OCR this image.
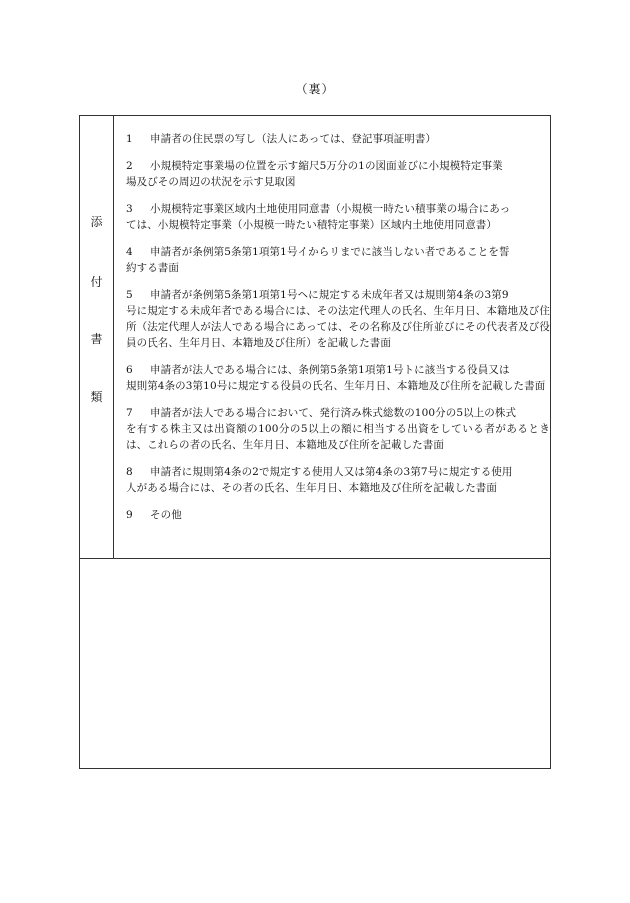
（裏）
添
付
書
類
1 申請者の住民票の写し（法人にあっては、登記事項証明書）
2 小規模特定事業場の位置を示す縮尺5万分の1の図面並びに小規模特定事業
場及びその周辺の状況を示す見取図
3 小規模特定事業区域内土地使用同意書（小規模一時たい積事業の場合にあっ
ては、小規模特定事業（小規模一時たい積特定事業）区域内土地使用同意書）
4 申請者が条例第5条第1項第1号イからリまでに該当しない者であることを誓
約する書面
5 申請者が条例第5条第1項第1号ヘに規定する未成年者又は規則第4条の3第9
号に規定する未成年者である場合には、その法定代理人の氏名、生年月日、本籍地及び住所（法定代理人が法人である場合にあっては、その名称及び住所並びにその代表者及び役員の氏名、生年月日、本籍地及び住所）を記載した書面
6 申請者が法人である場合には、条例第5条第1項第1号トに該当する役員又は
規則第4条の3第10号に規定する役員の氏名、生年月日、本籍地及び住所を記載した書面
7 申請者が法人である場合において、発行済み株式総数の100分の5以上の株式
を有する株主又は出資額の100分の5以上の額に相当する出資をしている者があるときは、これらの者の氏名、生年月日、本籍地及び住所を記載した書面
8 申請者に規則第4条の2で規定する使用人又は第4条の3第7号に規定する使用
人がある場合には、その者の氏名、生年月日、本籍地及び住所を記載した書面
9 その他
